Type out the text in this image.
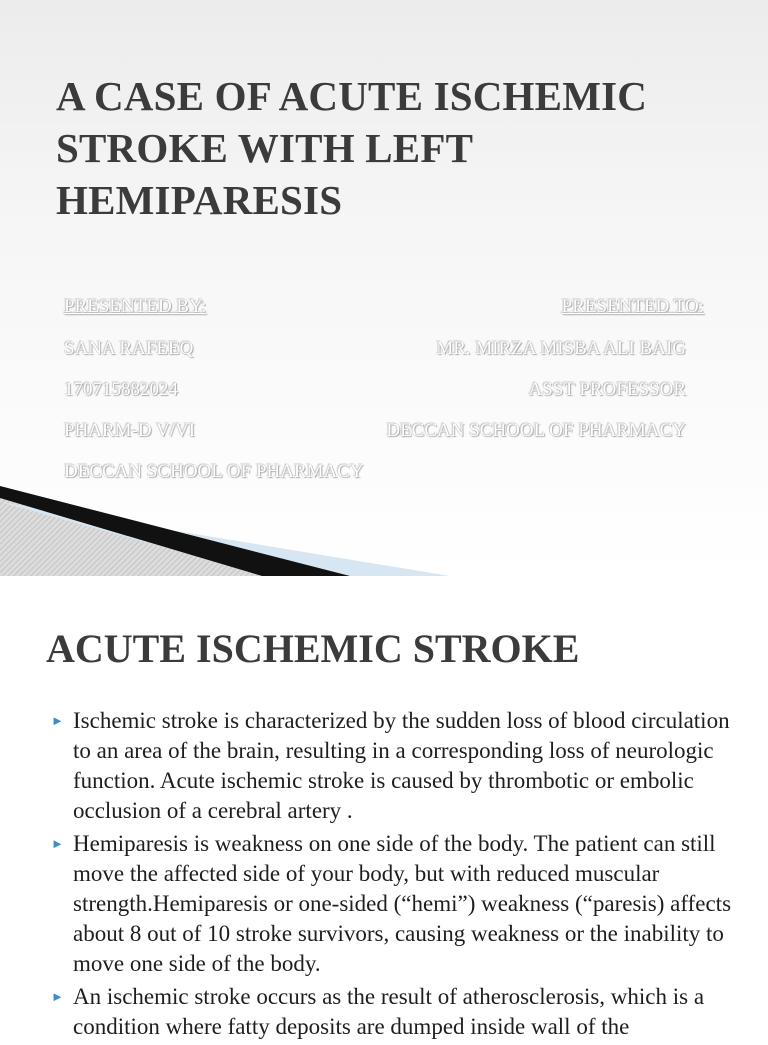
A CASE OF ACUTE ISCHEMIC STROKE WITH LEFT HEMIPARESIS
PRESENTED BY:	PRESENTED TO:
SANA RAFEEQ	MR. MIRZA MISBA ALI BAIG
170715882024	ASST PROFESSOR
PHARM-D V/VI	DECCAN SCHOOL OF PHARMACY
DECCAN SCHOOL OF PHARMACY
ACUTE ISCHEMIC STROKE
► Ischemic stroke is characterized by the sudden loss of blood circulation to an area of the brain, resulting in a corresponding loss of neurologic function. Acute ischemic stroke is caused by thrombotic or embolic occlusion of a cerebral artery .
► Hemiparesis is weakness on one side of the body. The patient can still move the affected side of your body, but with reduced muscular strength.Hemiparesis or one-sided (“hemi”) weakness (“paresis) affects about 8 out of 10 stroke survivors, causing weakness or the inability to move one side of the body.
► An ischemic stroke occurs as the result of atherosclerosis, which is a condition where fatty deposits are dumped inside wall of the
